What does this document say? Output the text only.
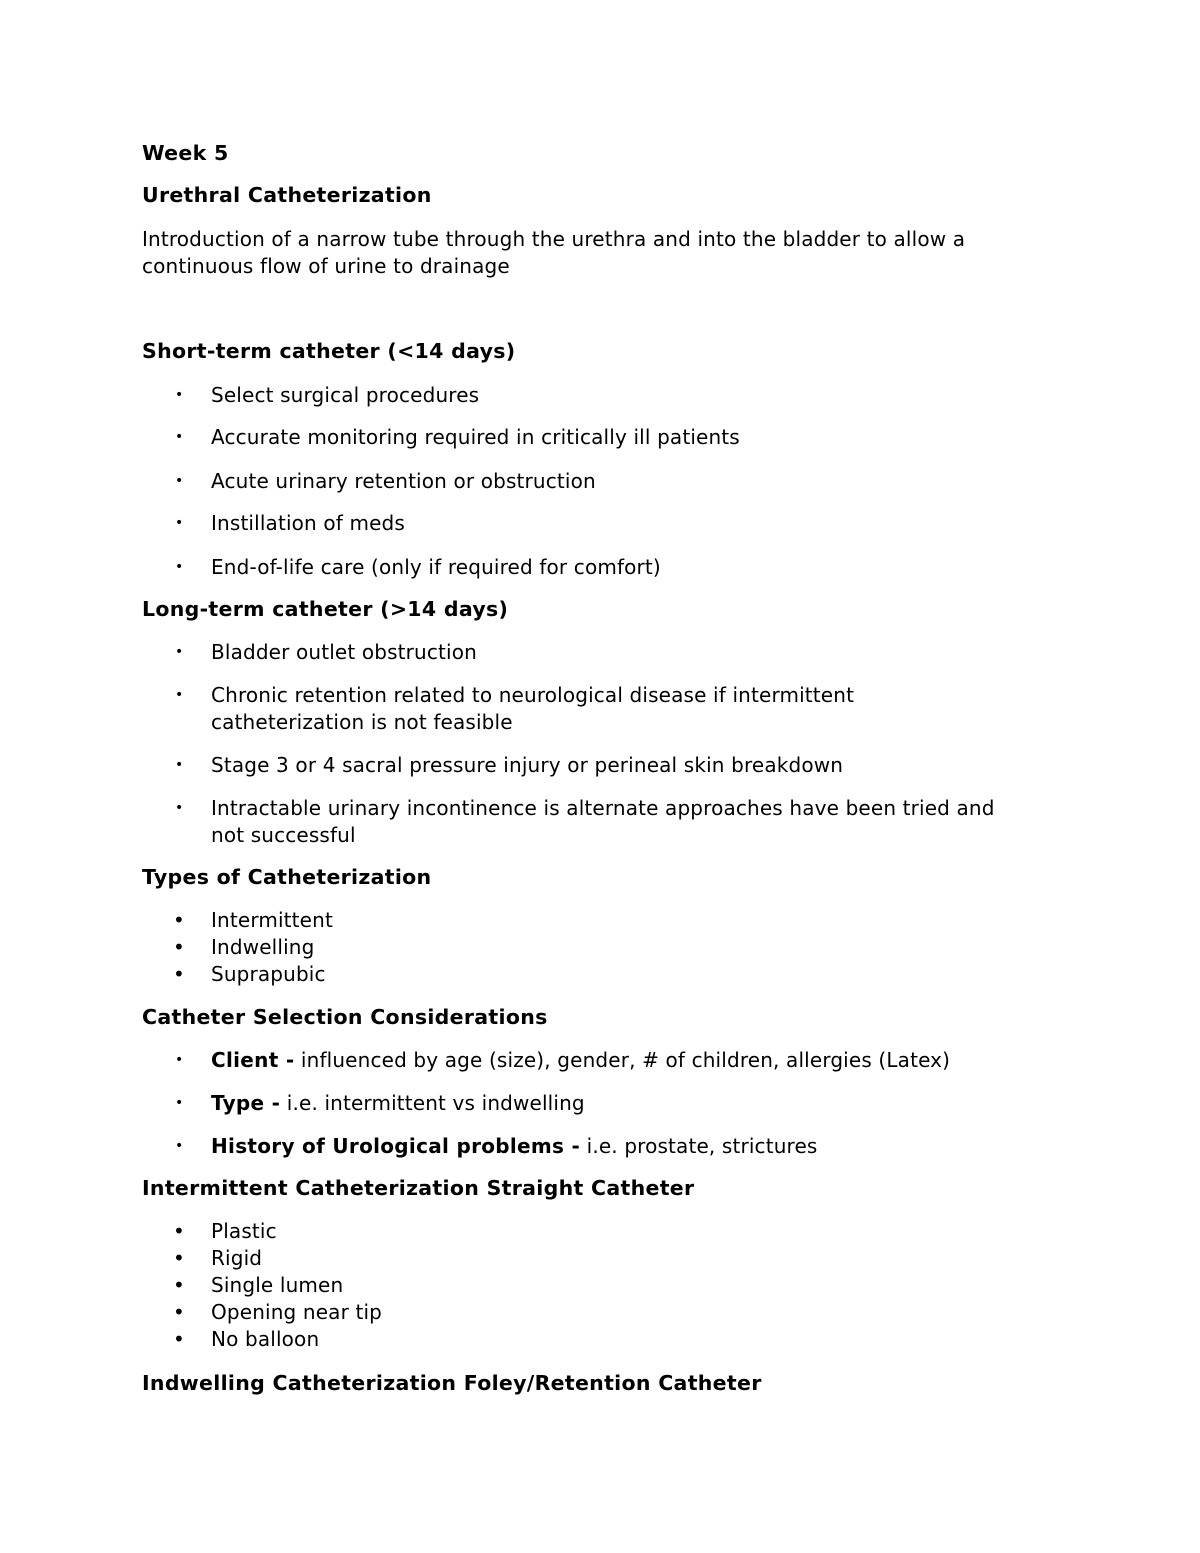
Week 5
Urethral Catheterization
Introduction of a narrow tube through the urethra and into the bladder to allow a
continuous flow of urine to drainage
Short-term catheter (<14 days)
• Select surgical procedures
• Accurate monitoring required in critically ill patients
• Acute urinary retention or obstruction
• Instillation of meds
• End-of-life care (only if required for comfort)
Long-term catheter (>14 days)
• Bladder outlet obstruction
• Chronic retention related to neurological disease if intermittent
catheterization is not feasible
• Stage 3 or 4 sacral pressure injury or perineal skin breakdown
• Intractable urinary incontinence is alternate approaches have been tried and
not successful
Types of Catheterization
• Intermittent
• Indwelling
• Suprapubic
Catheter Selection Considerations
• Client - influenced by age (size), gender, # of children, allergies (Latex)
• Type - i.e. intermittent vs indwelling
• History of Urological problems - i.e. prostate, strictures
Intermittent Catheterization Straight Catheter
• Plastic
• Rigid
• Single lumen
• Opening near tip
• No balloon
Indwelling Catheterization Foley/Retention Catheter
